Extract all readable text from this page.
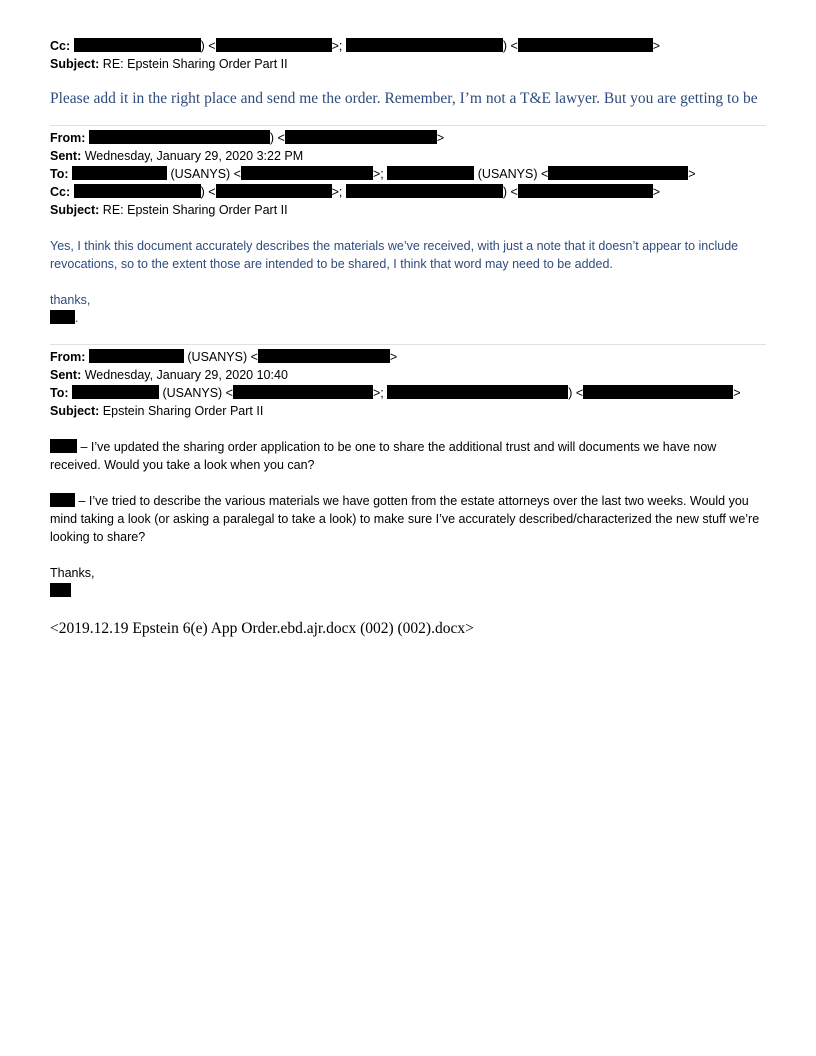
Cc:	) <	>;	) <	>
Subject: RE: Epstein Sharing Order Part II

Please add it in the right place and send me the order. Remember, I’m not a T&E lawyer. But you are getting to be

From:	) <	>
Sent: Wednesday, January 29, 2020 3:22 PM
To:	(USANYS) <	>;	(USANYS) <	>
Cc:	) <	>;	) <	>
Subject: RE: Epstein Sharing Order Part II

Yes, I think this document accurately describes the materials we’ve received, with just a note that it doesn’t appear to include revocations, so to the extent those are intended to be shared, I think that word may need to be added.

thanks,

.
From:	(USANYS) <	>
Sent: Wednesday, January 29, 2020 10:40
To:	(USANYS) <	>;	) <	>
Subject: Epstein Sharing Order Part II

– I’ve updated the sharing order application to be one to share the additional trust and will documents we have now received. Would you take a look when you can?

– I’ve tried to describe the various materials we have gotten from the estate attorneys over the last two weeks. Would you mind taking a look (or asking a paralegal to take a look) to make sure I’ve accurately described/characterized the new stuff we’re looking to share?

Thanks,

<2019.12.19 Epstein 6(e) App Order.ebd.ajr.docx (002) (002).docx>
